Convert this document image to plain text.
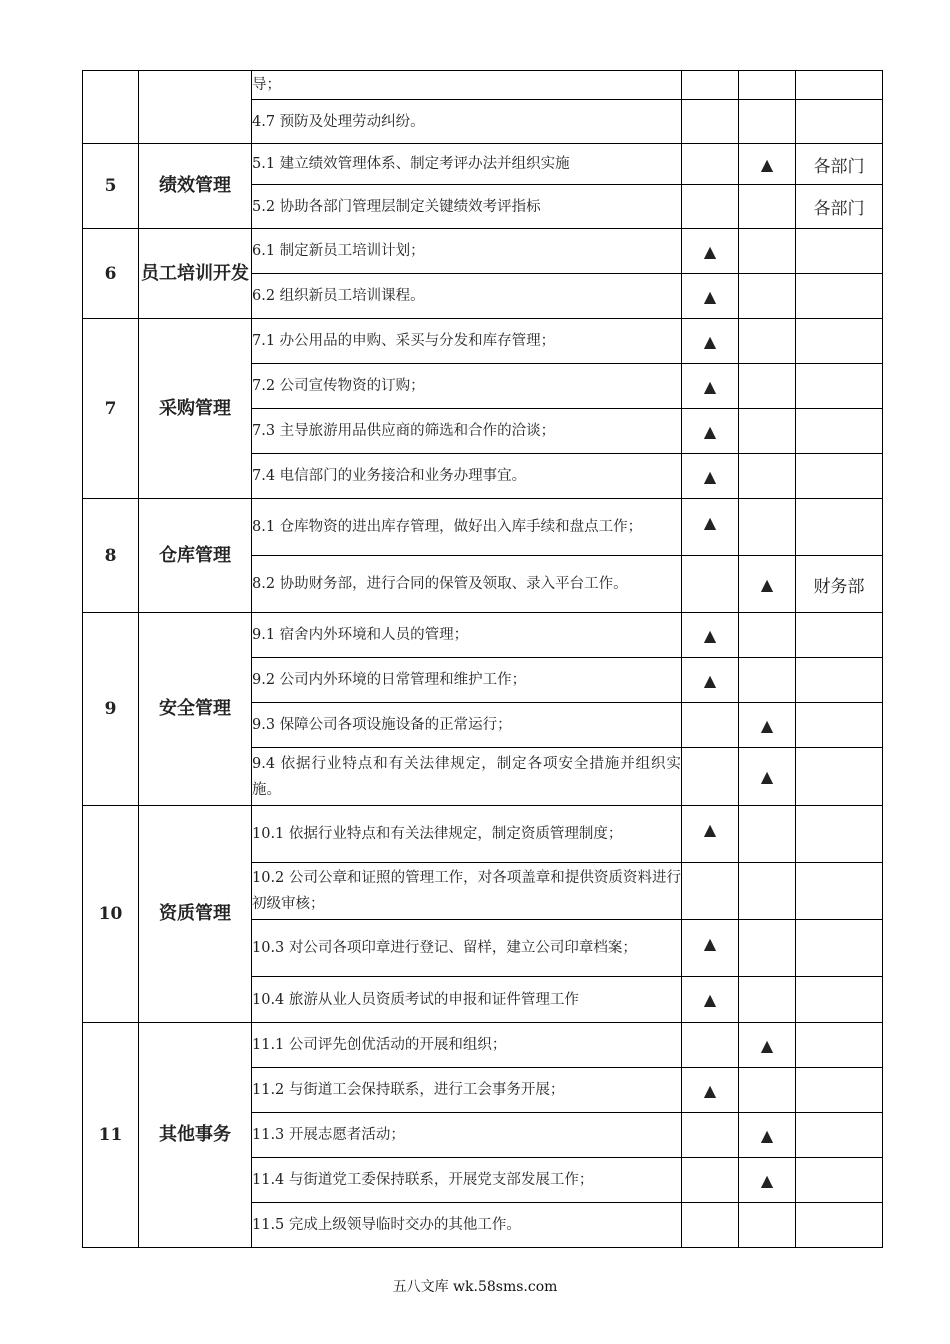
		导；			
		4.7 预防及处理劳动纠纷。			
5	绩效管理	5.1 建立绩效管理体系、制定考评办法并组织实施		▲	各部门
		5.2 协助各部门管理层制定关键绩效考评指标			各部门
6	员工培训开发	6.1 制定新员工培训计划；	▲		
		6.2 组织新员工培训课程。	▲		
7	采购管理	7.1 办公用品的申购、采买与分发和库存管理；	▲		
		7.2 公司宣传物资的订购；	▲		
		7.3 主导旅游用品供应商的筛选和合作的洽谈；	▲		
		7.4 电信部门的业务接洽和业务办理事宜。	▲		
8	仓库管理	8.1 仓库物资的进出库存管理，做好出入库手续和盘点工作；	▲		
		8.2 协助财务部，进行合同的保管及领取、录入平台工作。		▲	财务部
9	安全管理	9.1 宿舍内外环境和人员的管理；	▲		
		9.2 公司内外环境的日常管理和维护工作；	▲		
		9.3 保障公司各项设施设备的正常运行；		▲	
		9.4 依据行业特点和有关法律规定，制定各项安全措施并组织实施。		▲	
10	资质管理	10.1 依据行业特点和有关法律规定，制定资质管理制度；	▲		
		10.2 公司公章和证照的管理工作，对各项盖章和提供资质资料进行初级审核；			
		10.3 对公司各项印章进行登记、留样，建立公司印章档案；	▲		
		10.4 旅游从业人员资质考试的申报和证件管理工作	▲		
11	其他事务	11.1 公司评先创优活动的开展和组织；		▲	
		11.2 与街道工会保持联系，进行工会事务开展；	▲		
		11.3 开展志愿者活动；		▲	
		11.4 与街道党工委保持联系，开展党支部发展工作；		▲	
		11.5 完成上级领导临时交办的其他工作。			
五八文库 wk.58sms.com
